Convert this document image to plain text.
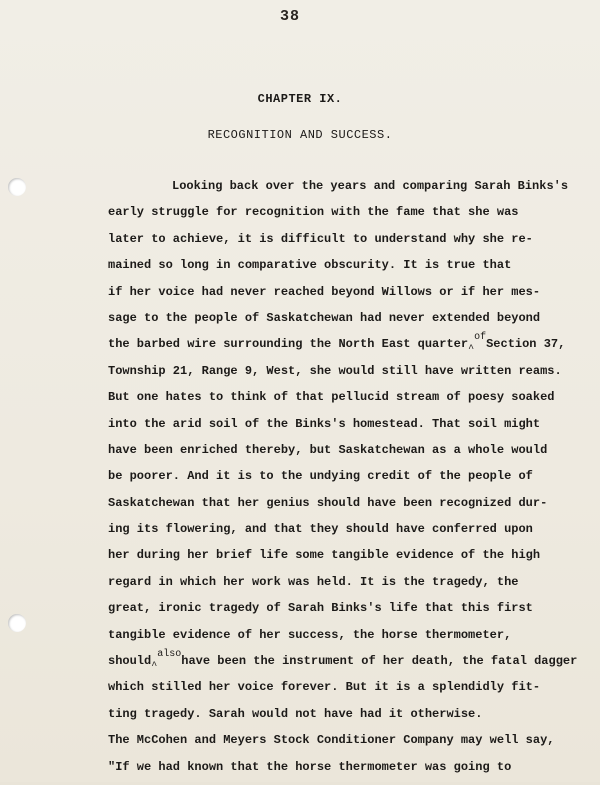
38
CHAPTER IX.
RECOGNITION AND SUCCESS.
Looking back over the years and comparing Sarah Binks's
early struggle for recognition with the fame that she was
later to achieve, it is difficult to understand why she re-
mained so long in comparative obscurity. It is true that
if her voice had never reached beyond Willows or if her mes-
sage to the people of Saskatchewan had never extended beyond
the barbed wire surrounding the North East quarter$_{\^{}}^{of}$Section 37,
Township 21, Range 9, West, she would still have written reams.
But one hates to think of that pellucid stream of poesy soaked
into the arid soil of the Binks's homestead. That soil might
have been enriched thereby, but Saskatchewan as a whole would
be poorer. And it is to the undying credit of the people of
Saskatchewan that her genius should have been recognized dur-
ing its flowering, and that they should have conferred upon
her during her brief life some tangible evidence of the high
regard in which her work was held. It is the tragedy, the
great, ironic tragedy of Sarah Binks's life that this first
tangible evidence of her success, the horse thermometer,
should$_{\^{}}^{also}$have been the instrument of her death, the fatal dagger
which stilled her voice forever. But it is a splendidly fit-
ting tragedy. Sarah would not have had it otherwise.
The McCohen and Meyers Stock Conditioner Company may well say,
"If we had known that the horse thermometer was going to
